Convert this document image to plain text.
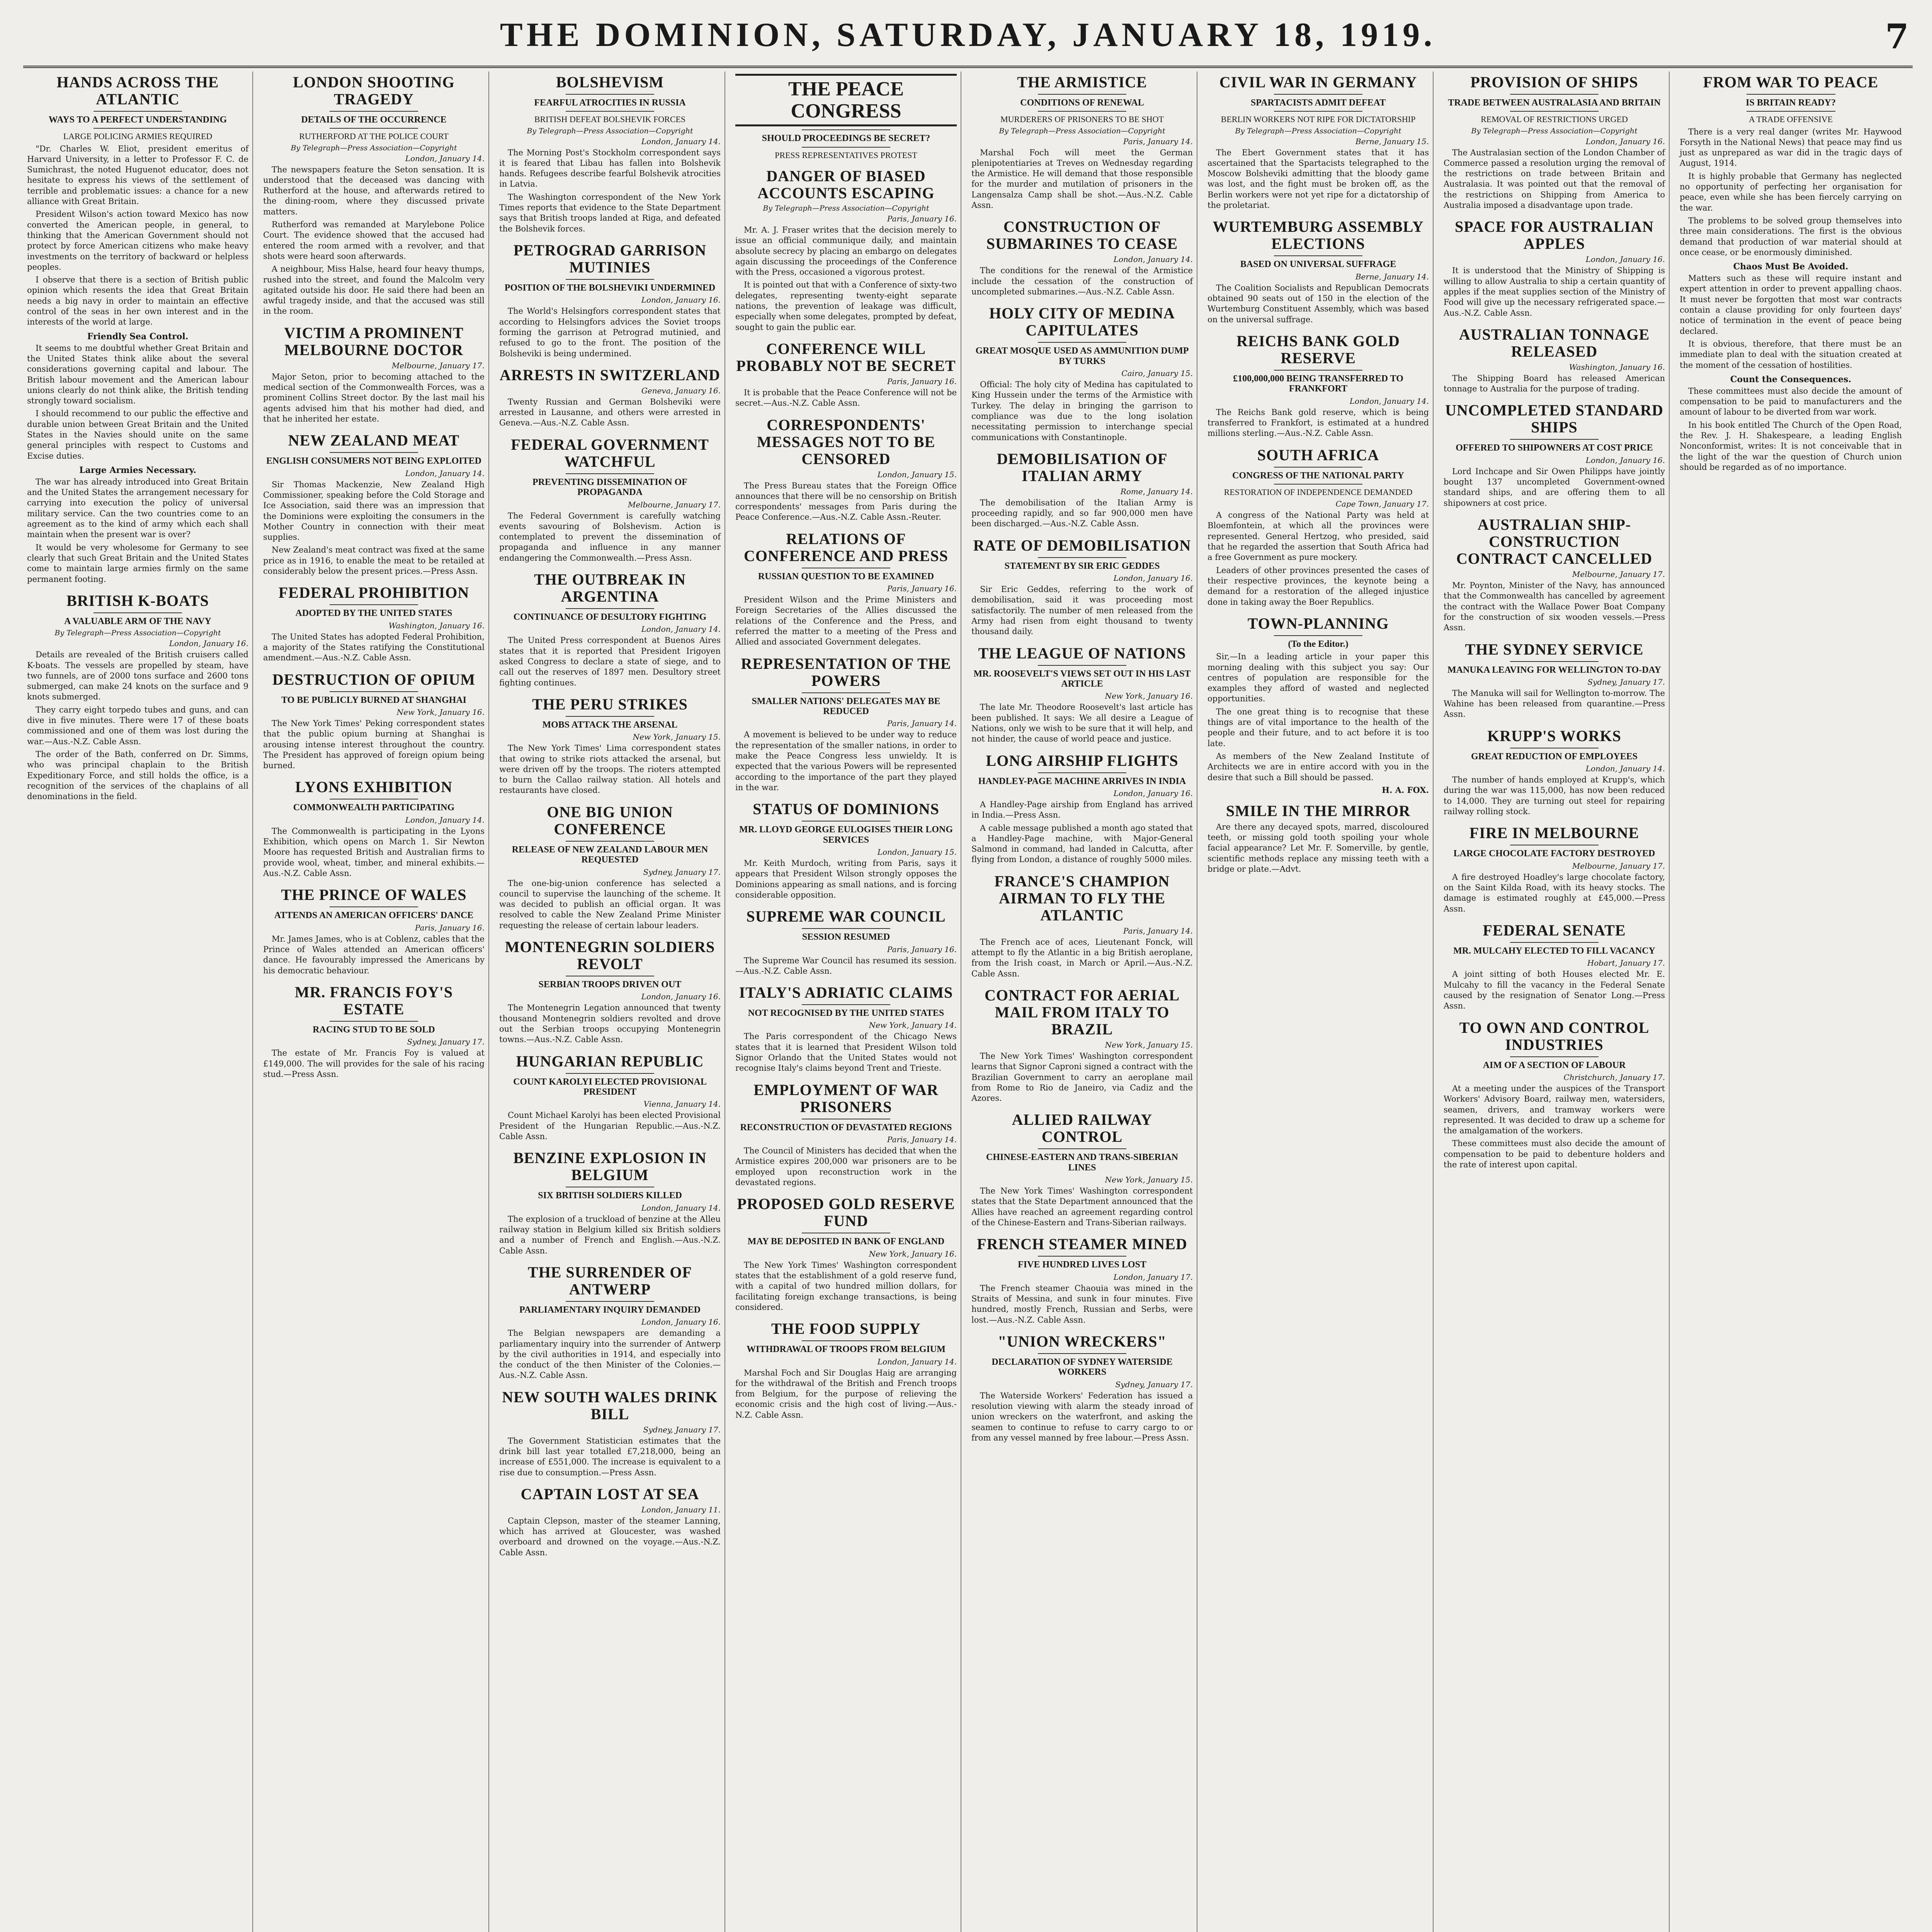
THE DOMINION, SATURDAY, JANUARY 18, 1919.	7
HANDS ACROSS THE ATLANTIC
WAYS TO A PERFECT UNDERSTANDING
LARGE POLICING ARMIES REQUIRED

"Dr. Charles W. Eliot, president emeritus of Harvard University, in a letter to Professor F. C. de Sumichrast, the noted Huguenot educator, does not hesitate to express his views of the settlement of terrible and problematic issues: a chance for a new alliance with Great Britain.

President Wilson's action toward Mexico has now converted the American people, in general, to thinking that the American Government should not protect by force American citizens who make heavy investments on the territory of backward or helpless peoples.

I observe that there is a section of British public opinion which resents the idea that Great Britain needs a big navy in order to maintain an effective control of the seas in her own interest and in the interests of the world at large.

Friendly Sea Control.

It seems to me doubtful whether Great Britain and the United States think alike about the several considerations governing capital and labour. The British labour movement and the American labour unions clearly do not think alike, the British tending strongly toward socialism.

I should recommend to our public the effective and durable union between Great Britain and the United States in the Navies should unite on the same general principles with respect to Customs and Excise duties.

Large Armies Necessary.

The war has already introduced into Great Britain and the United States the arrangement necessary for carrying into execution the policy of universal military service. Can the two countries come to an agreement as to the kind of army which each shall maintain when the present war is over?

It would be very wholesome for Germany to see clearly that such Great Britain and the United States come to maintain large armies firmly on the same permanent footing.

BRITISH K-BOATS
A VALUABLE ARM OF THE NAVY
By Telegraph—Press Association—Copyright
London, January 16.

Details are revealed of the British cruisers called K-boats. The vessels are propelled by steam, have two funnels, are of 2000 tons surface and 2600 tons submerged, can make 24 knots on the surface and 9 knots submerged.

They carry eight torpedo tubes and guns, and can dive in five minutes. There were 17 of these boats commissioned and one of them was lost during the war.—Aus.-N.Z. Cable Assn.

The order of the Bath, conferred on Dr. Simms, who was principal chaplain to the British Expeditionary Force, and still holds the office, is a recognition of the services of the chaplains of all denominations in the field.

LONDON SHOOTING TRAGEDY
DETAILS OF THE OCCURRENCE
RUTHERFORD AT THE POLICE COURT
By Telegraph—Press Association—Copyright
London, January 14.

The newspapers feature the Seton sensation. It is understood that the deceased was dancing with Rutherford at the house, and afterwards retired to the dining-room, where they discussed private matters.

Rutherford was remanded at Marylebone Police Court. The evidence showed that the accused had entered the room armed with a revolver, and that shots were heard soon afterwards.

A neighbour, Miss Halse, heard four heavy thumps, rushed into the street, and found the Malcolm very agitated outside his door. He said there had been an awful tragedy inside, and that the accused was still in the room.

VICTIM A PROMINENT MELBOURNE DOCTOR
Melbourne, January 17.

Major Seton, prior to becoming attached to the medical section of the Commonwealth Forces, was a prominent Collins Street doctor. By the last mail his agents advised him that his mother had died, and that he inherited her estate.

NEW ZEALAND MEAT
ENGLISH CONSUMERS NOT BEING EXPLOITED
London, January 14.

Sir Thomas Mackenzie, New Zealand High Commissioner, speaking before the Cold Storage and Ice Association, said there was an impression that the Dominions were exploiting the consumers in the Mother Country in connection with their meat supplies.

New Zealand's meat contract was fixed at the same price as in 1916, to enable the meat to be retailed at considerably below the present prices.—Press Assn.

FEDERAL PROHIBITION
ADOPTED BY THE UNITED STATES
Washington, January 16.

The United States has adopted Federal Prohibition, a majority of the States ratifying the Constitutional amendment.—Aus.-N.Z. Cable Assn.

DESTRUCTION OF OPIUM
TO BE PUBLICLY BURNED AT SHANGHAI
New York, January 16.

The New York Times' Peking correspondent states that the public opium burning at Shanghai is arousing intense interest throughout the country. The President has approved of foreign opium being burned.

LYONS EXHIBITION
COMMONWEALTH PARTICIPATING
London, January 14.

The Commonwealth is participating in the Lyons Exhibition, which opens on March 1. Sir Newton Moore has requested British and Australian firms to provide wool, wheat, timber, and mineral exhibits.—Aus.-N.Z. Cable Assn.

THE PRINCE OF WALES
ATTENDS AN AMERICAN OFFICERS' DANCE
Paris, January 16.

Mr. James James, who is at Coblenz, cables that the Prince of Wales attended an American officers' dance. He favourably impressed the Americans by his democratic behaviour.

MR. FRANCIS FOY'S ESTATE
RACING STUD TO BE SOLD
Sydney, January 17.

The estate of Mr. Francis Foy is valued at £149,000. The will provides for the sale of his racing stud.—Press Assn.

BOLSHEVISM
FEARFUL ATROCITIES IN RUSSIA
BRITISH DEFEAT BOLSHEVIK FORCES
By Telegraph—Press Association—Copyright
London, January 14.

The Morning Post's Stockholm correspondent says it is feared that Libau has fallen into Bolshevik hands. Refugees describe fearful Bolshevik atrocities in Latvia.

The Washington correspondent of the New York Times reports that evidence to the State Department says that British troops landed at Riga, and defeated the Bolshevik forces.

PETROGRAD GARRISON MUTINIES
POSITION OF THE BOLSHEVIKI UNDERMINED
London, January 16.

The World's Helsingfors correspondent states that according to Helsingfors advices the Soviet troops forming the garrison at Petrograd mutinied, and refused to go to the front. The position of the Bolsheviki is being undermined.

ARRESTS IN SWITZERLAND
Geneva, January 16.

Twenty Russian and German Bolsheviki were arrested in Lausanne, and others were arrested in Geneva.—Aus.-N.Z. Cable Assn.

FEDERAL GOVERNMENT WATCHFUL
PREVENTING DISSEMINATION OF PROPAGANDA
Melbourne, January 17.

The Federal Government is carefully watching events savouring of Bolshevism. Action is contemplated to prevent the dissemination of propaganda and influence in any manner endangering the Commonwealth.—Press Assn.

THE OUTBREAK IN ARGENTINA
CONTINUANCE OF DESULTORY FIGHTING
London, January 14.

The United Press correspondent at Buenos Aires states that it is reported that President Irigoyen asked Congress to declare a state of siege, and to call out the reserves of 1897 men. Desultory street fighting continues.

THE PERU STRIKES
MOBS ATTACK THE ARSENAL
New York, January 15.

The New York Times' Lima correspondent states that owing to strike riots attacked the arsenal, but were driven off by the troops. The rioters attempted to burn the Callao railway station. All hotels and restaurants have closed.

ONE BIG UNION CONFERENCE
RELEASE OF NEW ZEALAND LABOUR MEN REQUESTED
Sydney, January 17.

The one-big-union conference has selected a council to supervise the launching of the scheme. It was decided to publish an official organ. It was resolved to cable the New Zealand Prime Minister requesting the release of certain labour leaders.

MONTENEGRIN SOLDIERS REVOLT
SERBIAN TROOPS DRIVEN OUT
London, January 16.

The Montenegrin Legation announced that twenty thousand Montenegrin soldiers revolted and drove out the Serbian troops occupying Montenegrin towns.—Aus.-N.Z. Cable Assn.

HUNGARIAN REPUBLIC
COUNT KAROLYI ELECTED PROVISIONAL PRESIDENT
Vienna, January 14.

Count Michael Karolyi has been elected Provisional President of the Hungarian Republic.—Aus.-N.Z. Cable Assn.

BENZINE EXPLOSION IN BELGIUM
SIX BRITISH SOLDIERS KILLED
London, January 14.

The explosion of a truckload of benzine at the Alleu railway station in Belgium killed six British soldiers and a number of French and English.—Aus.-N.Z. Cable Assn.

THE SURRENDER OF ANTWERP
PARLIAMENTARY INQUIRY DEMANDED
London, January 16.

The Belgian newspapers are demanding a parliamentary inquiry into the surrender of Antwerp by the civil authorities in 1914, and especially into the conduct of the then Minister of the Colonies.—Aus.-N.Z. Cable Assn.

NEW SOUTH WALES DRINK BILL
Sydney, January 17.

The Government Statistician estimates that the drink bill last year totalled £7,218,000, being an increase of £551,000. The increase is equivalent to a rise due to consumption.—Press Assn.

CAPTAIN LOST AT SEA
London, January 11.

Captain Clepson, master of the steamer Lanning, which has arrived at Gloucester, was washed overboard and drowned on the voyage.—Aus.-N.Z. Cable Assn.

THE PEACE CONGRESS
SHOULD PROCEEDINGS BE SECRET?
PRESS REPRESENTATIVES PROTEST
DANGER OF BIASED ACCOUNTS ESCAPING
By Telegraph—Press Association—Copyright
Paris, January 16.

Mr. A. J. Fraser writes that the decision merely to issue an official communique daily, and maintain absolute secrecy by placing an embargo on delegates again discussing the proceedings of the Conference with the Press, occasioned a vigorous protest.

It is pointed out that with a Conference of sixty-two delegates, representing twenty-eight separate nations, the prevention of leakage was difficult, especially when some delegates, prompted by defeat, sought to gain the public ear.

CONFERENCE WILL PROBABLY NOT BE SECRET
Paris, January 16.

It is probable that the Peace Conference will not be secret.—Aus.-N.Z. Cable Assn.

CORRESPONDENTS' MESSAGES NOT TO BE CENSORED
London, January 15.

The Press Bureau states that the Foreign Office announces that there will be no censorship on British correspondents' messages from Paris during the Peace Conference.—Aus.-N.Z. Cable Assn.-Reuter.

RELATIONS OF CONFERENCE AND PRESS
RUSSIAN QUESTION TO BE EXAMINED
Paris, January 16.

President Wilson and the Prime Ministers and Foreign Secretaries of the Allies discussed the relations of the Conference and the Press, and referred the matter to a meeting of the Press and Allied and associated Government delegates.

REPRESENTATION OF THE POWERS
SMALLER NATIONS' DELEGATES MAY BE REDUCED
Paris, January 14.

A movement is believed to be under way to reduce the representation of the smaller nations, in order to make the Peace Congress less unwieldy. It is expected that the various Powers will be represented according to the importance of the part they played in the war.

STATUS OF DOMINIONS
MR. LLOYD GEORGE EULOGISES THEIR LONG SERVICES
London, January 15.

Mr. Keith Murdoch, writing from Paris, says it appears that President Wilson strongly opposes the Dominions appearing as small nations, and is forcing considerable opposition.

SUPREME WAR COUNCIL
SESSION RESUMED
Paris, January 16.

The Supreme War Council has resumed its session.—Aus.-N.Z. Cable Assn.

ITALY'S ADRIATIC CLAIMS
NOT RECOGNISED BY THE UNITED STATES
New York, January 14.

The Paris correspondent of the Chicago News states that it is learned that President Wilson told Signor Orlando that the United States would not recognise Italy's claims beyond Trent and Trieste.

EMPLOYMENT OF WAR PRISONERS
RECONSTRUCTION OF DEVASTATED REGIONS
Paris, January 14.

The Council of Ministers has decided that when the Armistice expires 200,000 war prisoners are to be employed upon reconstruction work in the devastated regions.

PROPOSED GOLD RESERVE FUND
MAY BE DEPOSITED IN BANK OF ENGLAND
New York, January 16.

The New York Times' Washington correspondent states that the establishment of a gold reserve fund, with a capital of two hundred million dollars, for facilitating foreign exchange transactions, is being considered.

THE FOOD SUPPLY
WITHDRAWAL OF TROOPS FROM BELGIUM
London, January 14.

Marshal Foch and Sir Douglas Haig are arranging for the withdrawal of the British and French troops from Belgium, for the purpose of relieving the economic crisis and the high cost of living.—Aus.-N.Z. Cable Assn.

THE ARMISTICE
CONDITIONS OF RENEWAL
MURDERERS OF PRISONERS TO BE SHOT
By Telegraph—Press Association—Copyright
Paris, January 14.

Marshal Foch will meet the German plenipotentiaries at Treves on Wednesday regarding the Armistice. He will demand that those responsible for the murder and mutilation of prisoners in the Langensalza Camp shall be shot.—Aus.-N.Z. Cable Assn.

CONSTRUCTION OF SUBMARINES TO CEASE
London, January 14.

The conditions for the renewal of the Armistice include the cessation of the construction of uncompleted submarines.—Aus.-N.Z. Cable Assn.

HOLY CITY OF MEDINA CAPITULATES
GREAT MOSQUE USED AS AMMUNITION DUMP BY TURKS
Cairo, January 15.

Official: The holy city of Medina has capitulated to King Hussein under the terms of the Armistice with Turkey. The delay in bringing the garrison to compliance was due to the long isolation necessitating permission to interchange special communications with Constantinople.

DEMOBILISATION OF ITALIAN ARMY
Rome, January 14.

The demobilisation of the Italian Army is proceeding rapidly, and so far 900,000 men have been discharged.—Aus.-N.Z. Cable Assn.

RATE OF DEMOBILISATION
STATEMENT BY SIR ERIC GEDDES
London, January 16.

Sir Eric Geddes, referring to the work of demobilisation, said it was proceeding most satisfactorily. The number of men released from the Army had risen from eight thousand to twenty thousand daily.

THE LEAGUE OF NATIONS
MR. ROOSEVELT'S VIEWS SET OUT IN HIS LAST ARTICLE
New York, January 16.

The late Mr. Theodore Roosevelt's last article has been published. It says: We all desire a League of Nations, only we wish to be sure that it will help, and not hinder, the cause of world peace and justice.

LONG AIRSHIP FLIGHTS
HANDLEY-PAGE MACHINE ARRIVES IN INDIA
London, January 16.

A Handley-Page airship from England has arrived in India.—Press Assn.

A cable message published a month ago stated that a Handley-Page machine, with Major-General Salmond in command, had landed in Calcutta, after flying from London, a distance of roughly 5000 miles.

FRANCE'S CHAMPION AIRMAN TO FLY THE ATLANTIC
Paris, January 14.

The French ace of aces, Lieutenant Fonck, will attempt to fly the Atlantic in a big British aeroplane, from the Irish coast, in March or April.—Aus.-N.Z. Cable Assn.

CONTRACT FOR AERIAL MAIL FROM ITALY TO BRAZIL
New York, January 15.

The New York Times' Washington correspondent learns that Signor Caproni signed a contract with the Brazilian Government to carry an aeroplane mail from Rome to Rio de Janeiro, via Cadiz and the Azores.

ALLIED RAILWAY CONTROL
CHINESE-EASTERN AND TRANS-SIBERIAN LINES
New York, January 15.

The New York Times' Washington correspondent states that the State Department announced that the Allies have reached an agreement regarding control of the Chinese-Eastern and Trans-Siberian railways.

FRENCH STEAMER MINED
FIVE HUNDRED LIVES LOST
London, January 17.

The French steamer Chaouia was mined in the Straits of Messina, and sunk in four minutes. Five hundred, mostly French, Russian and Serbs, were lost.—Aus.-N.Z. Cable Assn.

"UNION WRECKERS"
DECLARATION OF SYDNEY WATERSIDE WORKERS
Sydney, January 17.

The Waterside Workers' Federation has issued a resolution viewing with alarm the steady inroad of union wreckers on the waterfront, and asking the seamen to continue to refuse to carry cargo to or from any vessel manned by free labour.—Press Assn.

CIVIL WAR IN GERMANY
SPARTACISTS ADMIT DEFEAT
BERLIN WORKERS NOT RIPE FOR DICTATORSHIP
By Telegraph—Press Association—Copyright
Berne, January 15.

The Ebert Government states that it has ascertained that the Spartacists telegraphed to the Moscow Bolsheviki admitting that the bloody game was lost, and the fight must be broken off, as the Berlin workers were not yet ripe for a dictatorship of the proletariat.

WURTEMBURG ASSEMBLY ELECTIONS
BASED ON UNIVERSAL SUFFRAGE
Berne, January 14.

The Coalition Socialists and Republican Democrats obtained 90 seats out of 150 in the election of the Wurtemburg Constituent Assembly, which was based on the universal suffrage.

REICHS BANK GOLD RESERVE
£100,000,000 BEING TRANSFERRED TO FRANKFORT
London, January 14.

The Reichs Bank gold reserve, which is being transferred to Frankfort, is estimated at a hundred millions sterling.—Aus.-N.Z. Cable Assn.

SOUTH AFRICA
CONGRESS OF THE NATIONAL PARTY
RESTORATION OF INDEPENDENCE DEMANDED
Cape Town, January 17.

A congress of the National Party was held at Bloemfontein, at which all the provinces were represented. General Hertzog, who presided, said that he regarded the assertion that South Africa had a free Government as pure mockery.

Leaders of other provinces presented the cases of their respective provinces, the keynote being a demand for a restoration of the alleged injustice done in taking away the Boer Republics.

TOWN-PLANNING
(To the Editor.)

Sir,—In a leading article in your paper this morning dealing with this subject you say: Our centres of population are responsible for the examples they afford of wasted and neglected opportunities.

The one great thing is to recognise that these things are of vital importance to the health of the people and their future, and to act before it is too late.

As members of the New Zealand Institute of Architects we are in entire accord with you in the desire that such a Bill should be passed.

H. A. FOX.
SMILE IN THE MIRROR

Are there any decayed spots, marred, discoloured teeth, or missing gold tooth spoiling your whole facial appearance? Let Mr. F. Somerville, by gentle, scientific methods replace any missing teeth with a bridge or plate.—Advt.

PROVISION OF SHIPS
TRADE BETWEEN AUSTRALASIA AND BRITAIN
REMOVAL OF RESTRICTIONS URGED
By Telegraph—Press Association—Copyright
London, January 16.

The Australasian section of the London Chamber of Commerce passed a resolution urging the removal of the restrictions on trade between Britain and Australasia. It was pointed out that the removal of the restrictions on Shipping from America to Australia imposed a disadvantage upon trade.

SPACE FOR AUSTRALIAN APPLES
London, January 16.

It is understood that the Ministry of Shipping is willing to allow Australia to ship a certain quantity of apples if the meat supplies section of the Ministry of Food will give up the necessary refrigerated space.—Aus.-N.Z. Cable Assn.

AUSTRALIAN TONNAGE RELEASED
Washington, January 16.

The Shipping Board has released American tonnage to Australia for the purpose of trading.

UNCOMPLETED STANDARD SHIPS
OFFERED TO SHIPOWNERS AT COST PRICE
London, January 16.

Lord Inchcape and Sir Owen Philipps have jointly bought 137 uncompleted Government-owned standard ships, and are offering them to all shipowners at cost price.

AUSTRALIAN SHIP-CONSTRUCTION CONTRACT CANCELLED
Melbourne, January 17.

Mr. Poynton, Minister of the Navy, has announced that the Commonwealth has cancelled by agreement the contract with the Wallace Power Boat Company for the construction of six wooden vessels.—Press Assn.

THE SYDNEY SERVICE
MANUKA LEAVING FOR WELLINGTON TO-DAY
Sydney, January 17.

The Manuka will sail for Wellington to-morrow. The Wahine has been released from quarantine.—Press Assn.

KRUPP'S WORKS
GREAT REDUCTION OF EMPLOYEES
London, January 14.

The number of hands employed at Krupp's, which during the war was 115,000, has now been reduced to 14,000. They are turning out steel for repairing railway rolling stock.

FIRE IN MELBOURNE
LARGE CHOCOLATE FACTORY DESTROYED
Melbourne, January 17.

A fire destroyed Hoadley's large chocolate factory, on the Saint Kilda Road, with its heavy stocks. The damage is estimated roughly at £45,000.—Press Assn.

FEDERAL SENATE
MR. MULCAHY ELECTED TO FILL VACANCY
Hobart, January 17.

A joint sitting of both Houses elected Mr. E. Mulcahy to fill the vacancy in the Federal Senate caused by the resignation of Senator Long.—Press Assn.

TO OWN AND CONTROL INDUSTRIES
AIM OF A SECTION OF LABOUR
Christchurch, January 17.

At a meeting under the auspices of the Transport Workers' Advisory Board, railway men, watersiders, seamen, drivers, and tramway workers were represented. It was decided to draw up a scheme for the amalgamation of the workers.

These committees must also decide the amount of compensation to be paid to debenture holders and the rate of interest upon capital.

FROM WAR TO PEACE
IS BRITAIN READY?
A TRADE OFFENSIVE

There is a very real danger (writes Mr. Haywood Forsyth in the National News) that peace may find us just as unprepared as war did in the tragic days of August, 1914.

It is highly probable that Germany has neglected no opportunity of perfecting her organisation for peace, even while she has been fiercely carrying on the war.

The problems to be solved group themselves into three main considerations. The first is the obvious demand that production of war material should at once cease, or be enormously diminished.

Chaos Must Be Avoided.

Matters such as these will require instant and expert attention in order to prevent appalling chaos. It must never be forgotten that most war contracts contain a clause providing for only fourteen days' notice of termination in the event of peace being declared.

It is obvious, therefore, that there must be an immediate plan to deal with the situation created at the moment of the cessation of hostilities.

Count the Consequences.

These committees must also decide the amount of compensation to be paid to manufacturers and the amount of labour to be diverted from war work.

In his book entitled The Church of the Open Road, the Rev. J. H. Shakespeare, a leading English Nonconformist, writes: It is not conceivable that in the light of the war the question of Church union should be regarded as of no importance.
